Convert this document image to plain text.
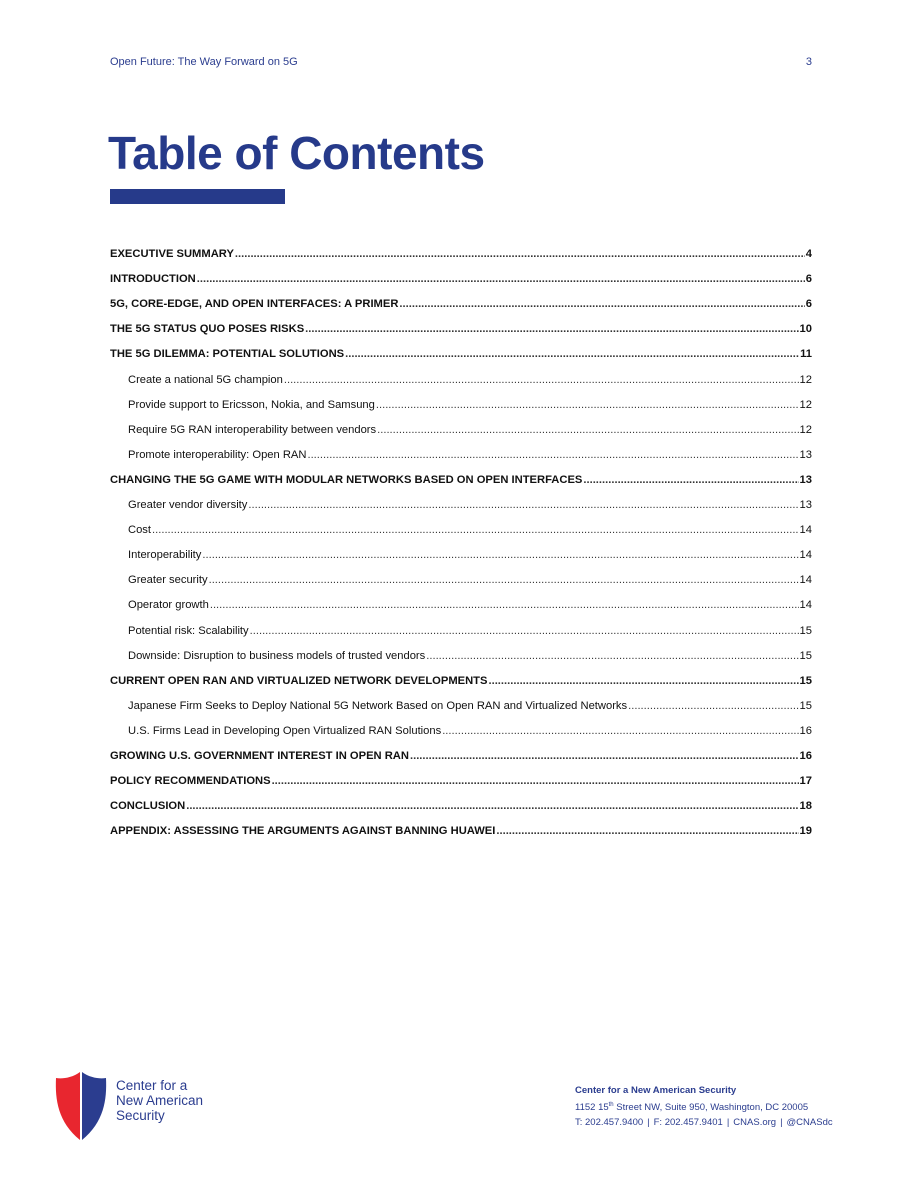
Open Future: The Way Forward on 5G	3
Table of Contents
EXECUTIVE SUMMARY .....	4
INTRODUCTION .....	6
5G, CORE-EDGE, AND OPEN INTERFACES: A PRIMER .....	6
THE 5G STATUS QUO POSES RISKS .....	10
THE 5G DILEMMA: POTENTIAL SOLUTIONS .....	11
Create a national 5G champion .....	12
Provide support to Ericsson, Nokia, and Samsung .....	12
Require 5G RAN interoperability between vendors .....	12
Promote interoperability: Open RAN .....	13
CHANGING THE 5G GAME WITH MODULAR NETWORKS BASED ON OPEN INTERFACES .....	13
Greater vendor diversity .....	13
Cost .....	14
Interoperability .....	14
Greater security .....	14
Operator growth .....	14
Potential risk: Scalability .....	15
Downside: Disruption to business models of trusted vendors .....	15
CURRENT OPEN RAN AND VIRTUALIZED NETWORK DEVELOPMENTS .....	15
Japanese Firm Seeks to Deploy National 5G Network Based on Open RAN and Virtualized Networks .....	15
U.S. Firms Lead in Developing Open Virtualized RAN Solutions .....	16
GROWING U.S. GOVERNMENT INTEREST IN OPEN RAN .....	16
POLICY RECOMMENDATIONS .....	17
CONCLUSION .....	18
APPENDIX: ASSESSING THE ARGUMENTS AGAINST BANNING HUAWEI .....	19
Center for a
New American
Security
Center for a New American Security
1152 15th Street NW, Suite 950, Washington, DC 20005
T: 202.457.9400 | F: 202.457.9401 | CNAS.org | @CNASdc
